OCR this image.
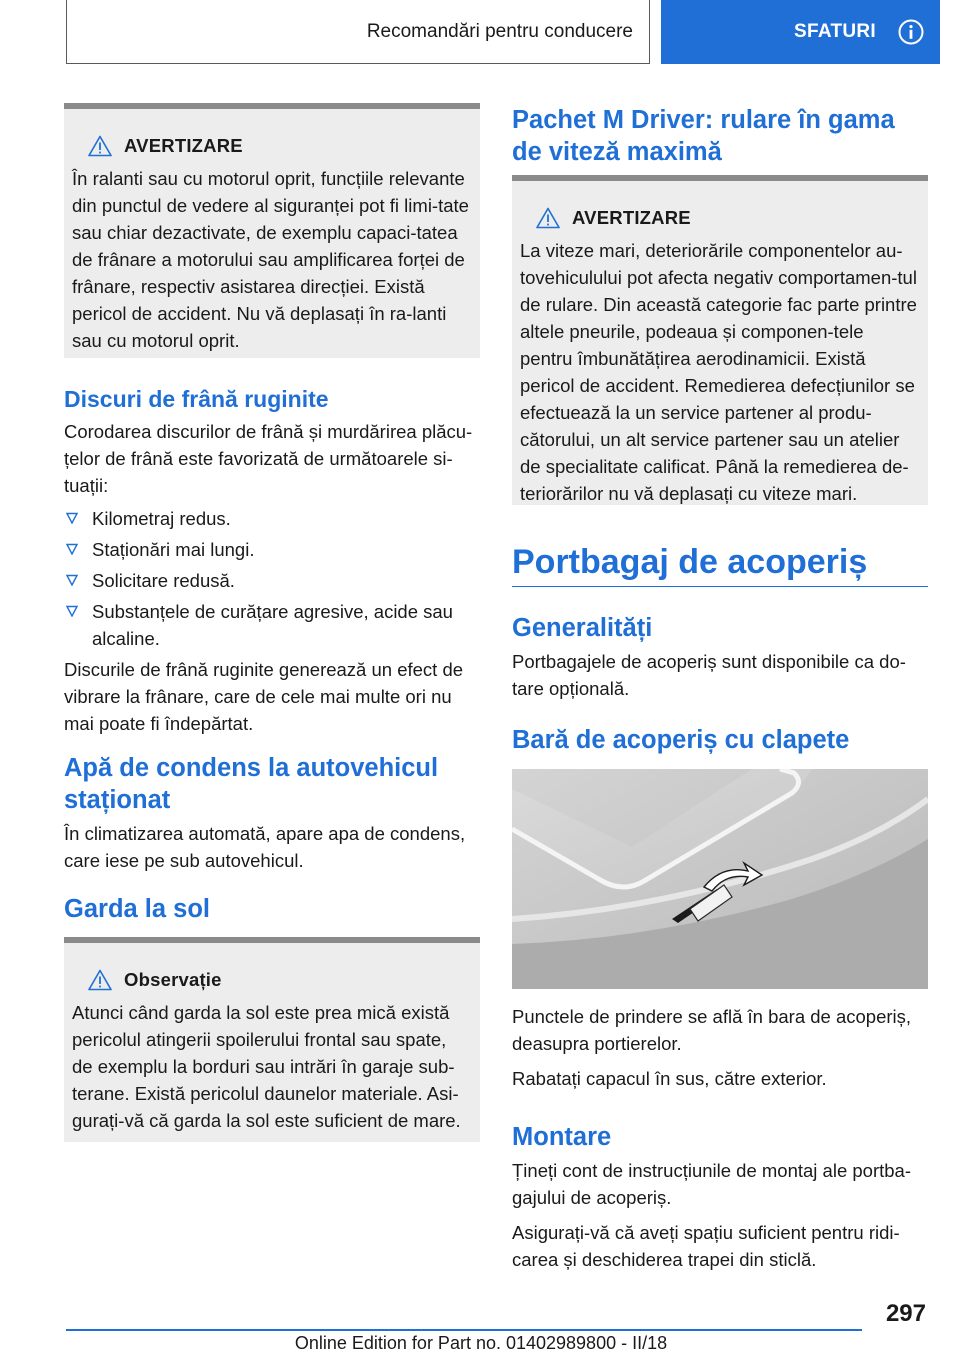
Recomandări pentru conducere	SFATURI
AVERTIZARE

În ralanti sau cu motorul oprit, funcțiile relevante din punctul de vedere al siguranței pot fi limi-tate sau chiar dezactivate, de exemplu capaci-tatea de frânare a motorului sau amplificarea forței de frânare, respectiv asistarea direcției. Există pericol de accident. Nu vă deplasați în ra-lanti sau cu motorul oprit.

Discuri de frână ruginite

Corodarea discurilor de frână și murdărirea plăcu-țelor de frână este favorizată de următoarele si-tuații:

Kilometraj redus.
Staționări mai lungi.
Solicitare redusă.
Substanțele de curățare agresive, acide sau alcaline.

Discurile de frână ruginite generează un efect de vibrare la frânare, care de cele mai multe ori nu mai poate fi îndepărtat.

Apă de condens la autovehicul staționat

În climatizarea automată, apare apa de condens, care iese pe sub autovehicul.

Garda la sol
Observație

Atunci când garda la sol este prea mică există pericolul atingerii spoilerului frontal sau spate, de exemplu la borduri sau intrări în garaje sub-terane. Există pericolul daunelor materiale. Asi-gurați-vă că garda la sol este suficient de mare.

Pachet M Driver: rulare în gama de viteză maximă
AVERTIZARE

La viteze mari, deteriorările componentelor au-tovehiculului pot afecta negativ comportamen-tul de rulare. Din această categorie fac parte printre altele pneurile, podeaua și componen-tele pentru îmbunătățirea aerodinamicii. Există pericol de accident. Remedierea defecțiunilor se efectuează la un service partener al produ-cătorului, un alt service partener sau un atelier de specialitate calificat. Până la remedierea de-teriorărilor nu vă deplasați cu viteze mari.

Portbagaj de acoperiș
Generalități

Portbagajele de acoperiș sunt disponibile ca do-tare opțională.

Bară de acoperiș cu clapete

Punctele de prindere se află în bara de acoperiș, deasupra portierelor.

Rabatați capacul în sus, către exterior.

Montare

Țineți cont de instrucțiunile de montaj ale portba-gajului de acoperiș.

Asigurați-vă că aveți spațiu suficient pentru ridi-carea și deschiderea trapei din sticlă.

297
Online Edition for Part no. 01402989800 - II/18
